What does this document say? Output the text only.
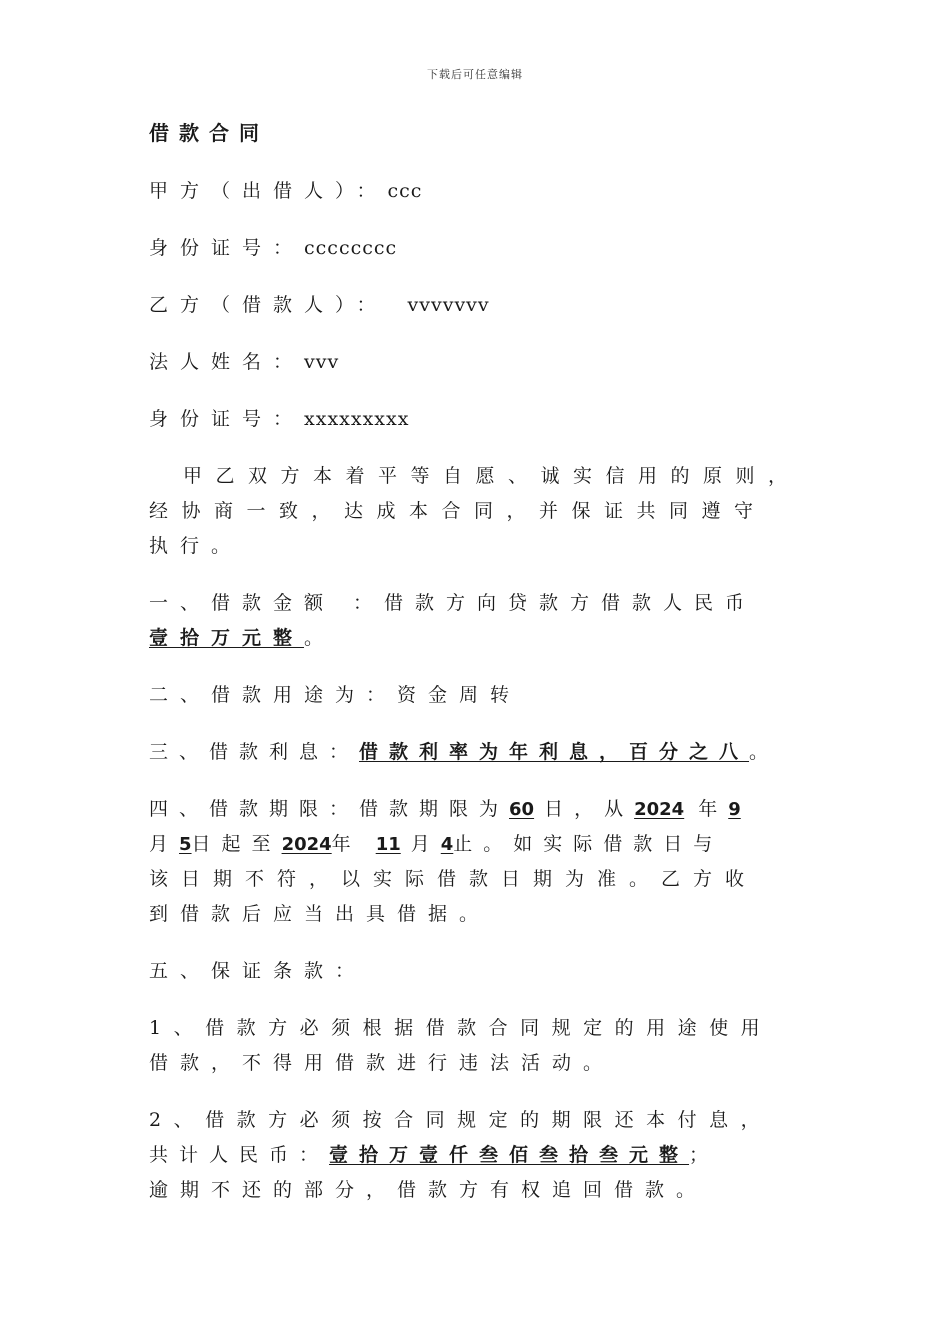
下载后可任意编辑
借款合同
甲方（出借人）：ccc
身份证号：cccccccc
乙方（借款人）： vvvvvvv
法人姓名：vvv
身份证号：xxxxxxxxx
甲乙双方本着平等自愿、诚实信用的原则，
经协商一致，达成本合同，并保证共同遵守
执行。
一、借款金额 ：借款方向贷款方借款人民币
壹拾万元整。
二、借款用途为：资金周转
三、借款利息：借款利率为年利息，百分之八。
四、借款期限：借款期限为60 日，从2024 年9
月5日起至2024年 11 月4止。如实际借款日与
该日期不符，以实际借款日期为准。乙方收
到借款后应当出具借据。
五、保证条款：
1、借款方必须根据借款合同规定的用途使用
借款，不得用借款进行违法活动。
2、借款方必须按合同规定的期限还本付息，
共计人民币：壹拾万壹仟叁佰叁拾叁元整；
逾期不还的部分，借款方有权追回借款。
